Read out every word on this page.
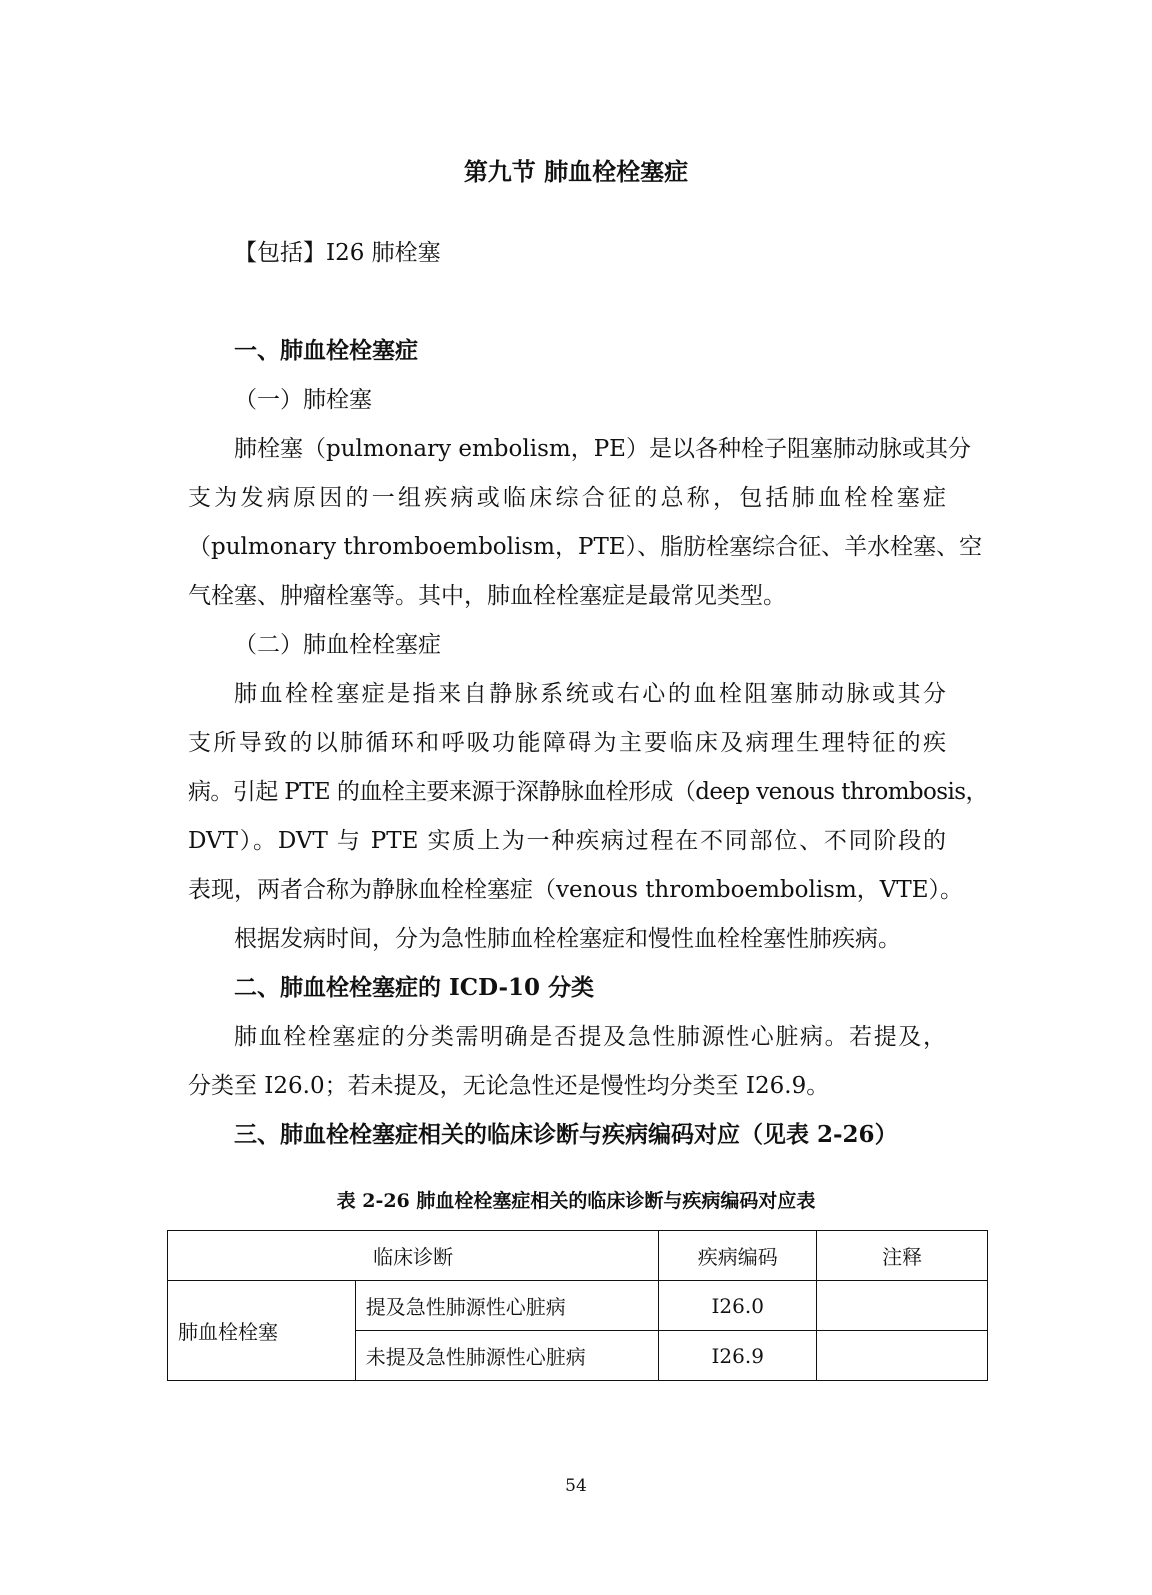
第九节 肺血栓栓塞症
【包括】I26 肺栓塞
一、肺血栓栓塞症
（一）肺栓塞
肺栓塞（pulmonary embolism，PE）是以各种栓子阻塞肺动脉或其分
支为发病原因的一组疾病或临床综合征的总称，包括肺血栓栓塞症
（pulmonary thromboembolism，PTE）、脂肪栓塞综合征、羊水栓塞、空
气栓塞、肿瘤栓塞等。其中，肺血栓栓塞症是最常见类型。
（二）肺血栓栓塞症
肺血栓栓塞症是指来自静脉系统或右心的血栓阻塞肺动脉或其分
支所导致的以肺循环和呼吸功能障碍为主要临床及病理生理特征的疾
病。引起 PTE 的血栓主要来源于深静脉血栓形成（deep venous thrombosis，
DVT）。DVT 与 PTE 实质上为一种疾病过程在不同部位、不同阶段的
表现，两者合称为静脉血栓栓塞症（venous thromboembolism，VTE）。
根据发病时间，分为急性肺血栓栓塞症和慢性血栓栓塞性肺疾病。
二、肺血栓栓塞症的 ICD-10 分类
肺血栓栓塞症的分类需明确是否提及急性肺源性心脏病。若提及，
分类至 I26.0；若未提及，无论急性还是慢性均分类至 I26.9。
三、肺血栓栓塞症相关的临床诊断与疾病编码对应（见表 2-26）
表 2-26 肺血栓栓塞症相关的临床诊断与疾病编码对应表
临床诊断		疾病编码	注释
肺血栓栓塞	提及急性肺源性心脏病	I26.0	
	未提及急性肺源性心脏病	I26.9	
54
